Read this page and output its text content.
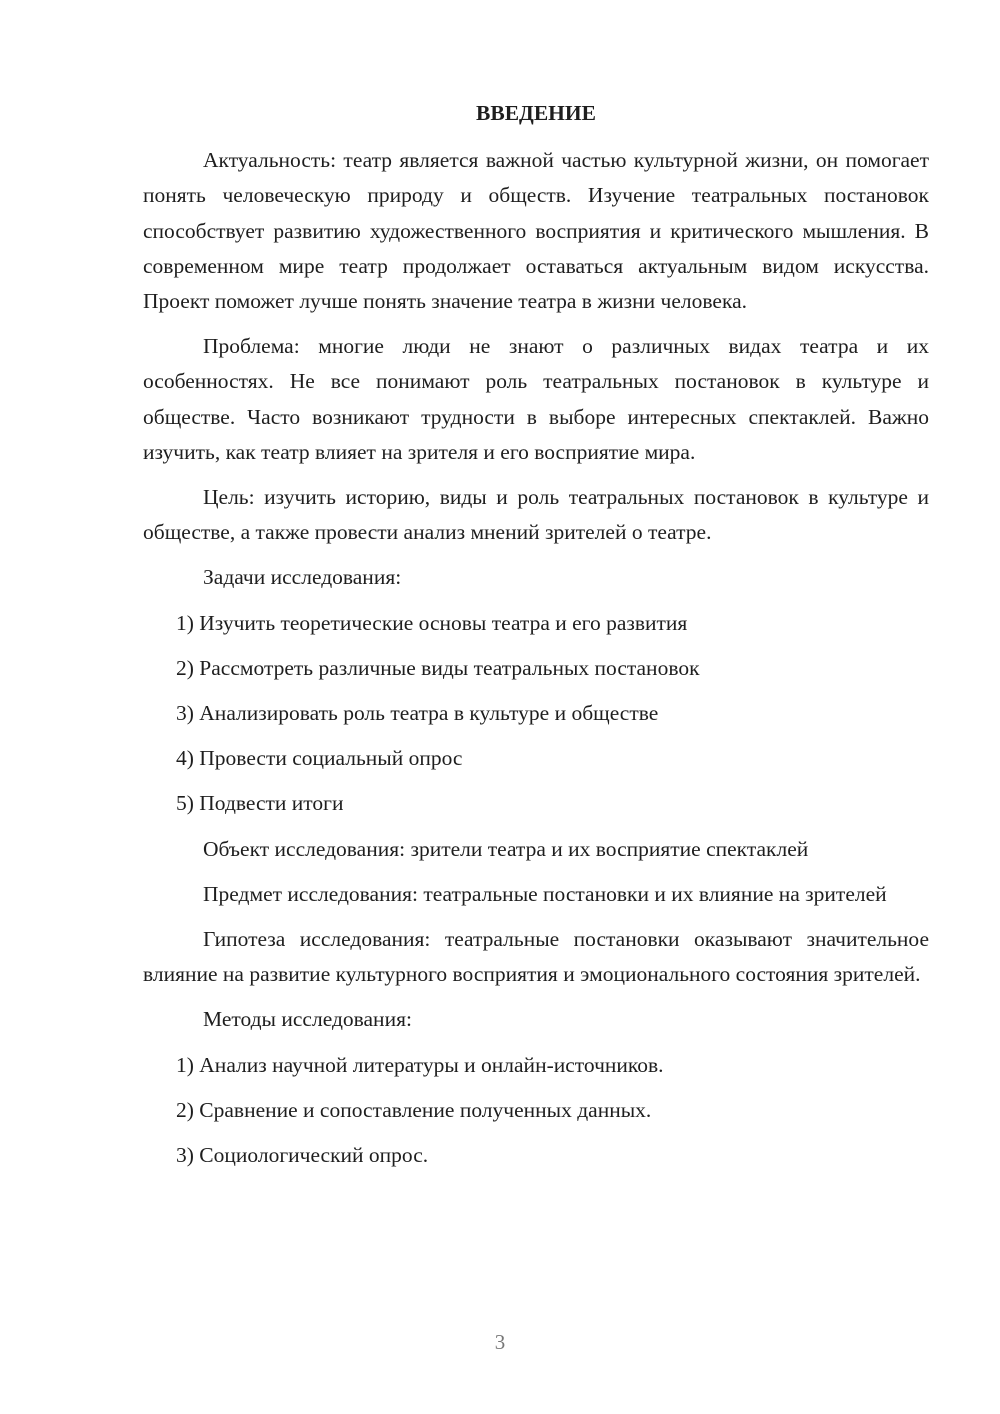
ВВЕДЕНИЕ

Актуальность: театр является важной частью культурной жизни, он помогает понять человеческую природу и обществ. Изучение театральных постановок способствует развитию художественного восприятия и критического мышления. В современном мире театр продолжает оставаться актуальным видом искусства. Проект поможет лучше понять значение театра в жизни человека.

Проблема: многие люди не знают о различных видах театра и их особенностях. Не все понимают роль театральных постановок в культуре и обществе. Часто возникают трудности в выборе интересных спектаклей. Важно изучить, как театр влияет на зрителя и его восприятие мира.

Цель: изучить историю, виды и роль театральных постановок в культуре и обществе, а также провести анализ мнений зрителей о театре.

Задачи исследования:

1) Изучить теоретические основы театра и его развития
2) Рассмотреть различные виды театральных постановок
3) Анализировать роль театра в культуре и обществе
4) Провести социальный опрос
5) Подвести итоги

Объект исследования: зрители театра и их восприятие спектаклей

Предмет исследования: театральные постановки и их влияние на зрителей

Гипотеза исследования: театральные постановки оказывают значительное влияние на развитие культурного восприятия и эмоционального состояния зрителей.

Методы исследования:

1) Анализ научной литературы и онлайн-источников.
2) Сравнение и сопоставление полученных данных.
3) Социологический опрос.
3
